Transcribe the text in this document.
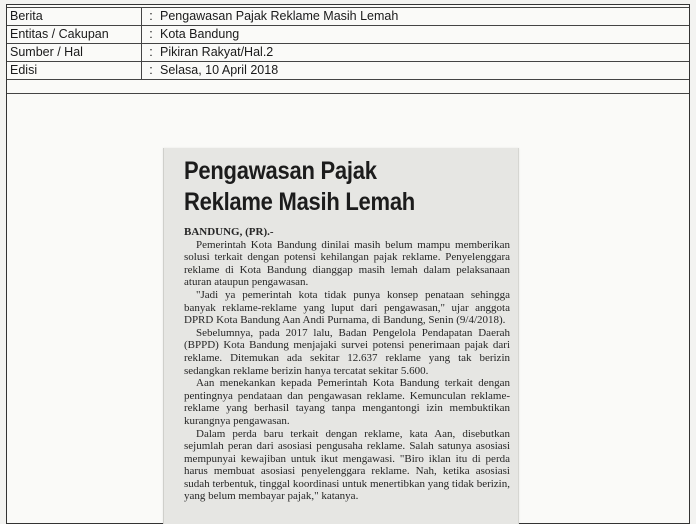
Berita	: Pengawasan Pajak Reklame Masih Lemah
Entitas / Cakupan	: Kota Bandung
Sumber / Hal	: Pikiran Rakyat/Hal.2
Edisi	: Selasa, 10 April 2018
Pengawasan Pajak
Reklame Masih Lemah

BANDUNG, (PR).-

Pemerintah Kota Bandung dinilai masih belum mampu memberikan solusi terkait dengan potensi kehilangan pajak reklame. Penyelenggara reklame di Kota Bandung dianggap masih lemah dalam pelaksanaan aturan ataupun pengawasan.

"Jadi ya pemerintah kota tidak punya konsep penataan sehingga banyak reklame-reklame yang luput dari pengawasan," ujar anggota DPRD Kota Bandung Aan Andi Purnama, di Bandung, Senin (9/4/2018).

Sebelumnya, pada 2017 lalu, Badan Pengelola Pendapatan Daerah (BPPD) Kota Bandung menjajaki survei potensi penerimaan pajak dari reklame. Ditemukan ada sekitar 12.637 reklame yang tak berizin sedangkan reklame berizin hanya tercatat sekitar 5.600.

Aan menekankan kepada Pemerintah Kota Bandung terkait dengan pentingnya pendataan dan pengawasan reklame. Kemunculan reklame-reklame yang berhasil tayang tanpa mengantongi izin membuktikan kurangnya pengawasan.

Dalam perda baru terkait dengan reklame, kata Aan, disebutkan sejumlah peran dari asosiasi pengusaha reklame. Salah satunya asosiasi mempunyai kewajiban untuk ikut mengawasi. "Biro iklan itu di perda harus membuat asosiasi penyelenggara reklame. Nah, ketika asosiasi sudah terbentuk, tinggal koordinasi untuk menertibkan yang tidak berizin, yang belum membayar pajak," katanya.
